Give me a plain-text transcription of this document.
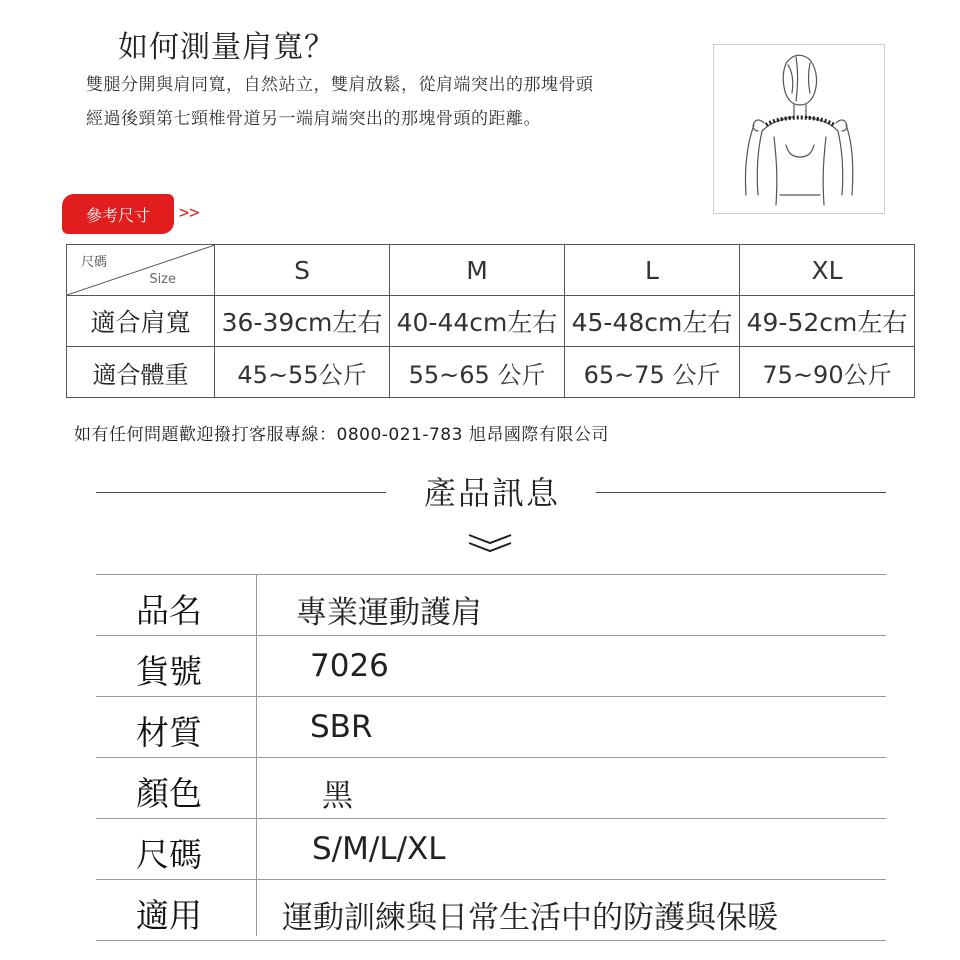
如何測量肩寬？
雙腿分開與肩同寬，自然站立，雙肩放鬆，從肩端突出的那塊骨頭
經過後頸第七頸椎骨道另一端肩端突出的那塊骨頭的距離。
參考尺寸 >>
尺碼
Size	S	M	L	XL
適合肩寬	36-39cm左右	40-44cm左右	45-48cm左右	49-52cm左右
適合體重	45~55公斤	55~65 公斤	65~75 公斤	75~90公斤
如有任何問題歡迎撥打客服專線：0800-021-783 旭昂國際有限公司
產品訊息
品名	專業運動護肩
貨號	7026
材質	SBR
顏色	黑
尺碼	S/M/L/XL
適用	運動訓練與日常生活中的防護與保暖
